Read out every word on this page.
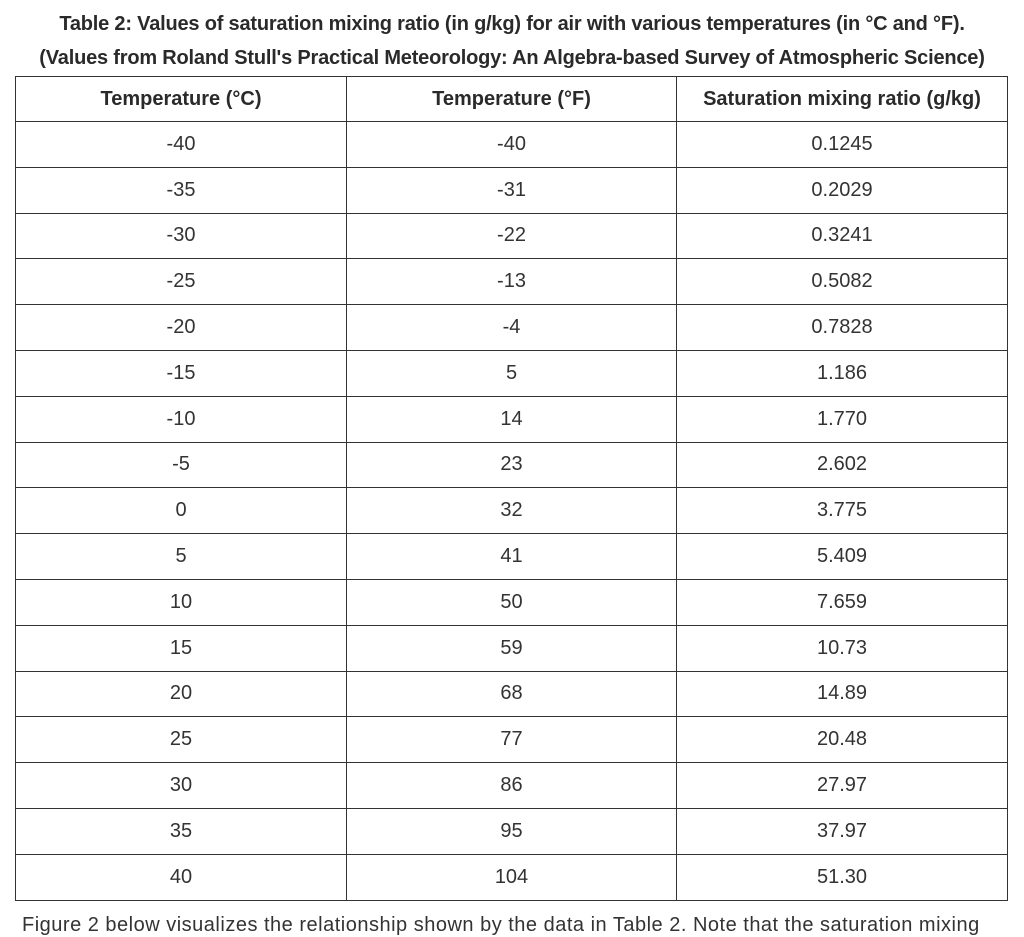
Table 2: Values of saturation mixing ratio (in g/kg) for air with various temperatures (in °C and °F).
(Values from Roland Stull's Practical Meteorology: An Algebra-based Survey of Atmospheric Science)
Temperature (°C)	Temperature (°F)	Saturation mixing ratio (g/kg)
-40	-40	0.1245
-35	-31	0.2029
-30	-22	0.3241
-25	-13	0.5082
-20	-4	0.7828
-15	5	1.186
-10	14	1.770
-5	23	2.602
0	32	3.775
5	41	5.409
10	50	7.659
15	59	10.73
20	68	14.89
25	77	20.48
30	86	27.97
35	95	37.97
40	104	51.30
Figure 2 below visualizes the relationship shown by the data in Table 2. Note that the saturation mixing
